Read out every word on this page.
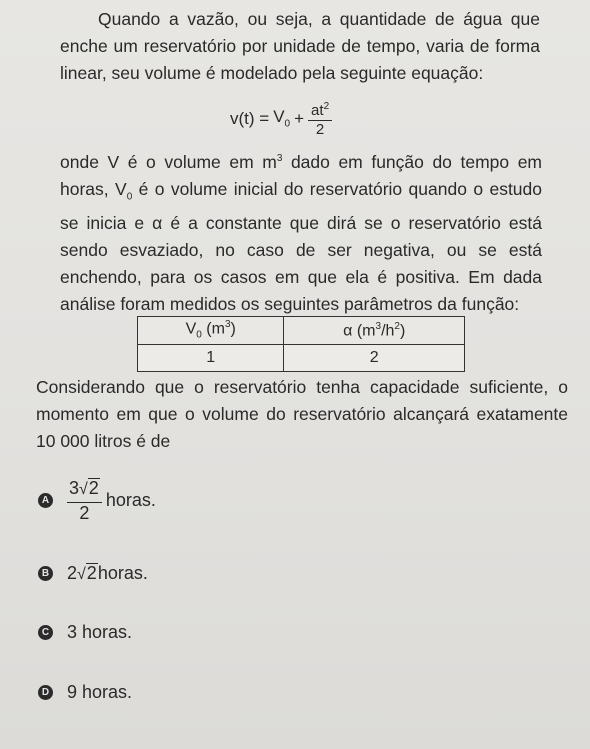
Quando a vazão, ou seja, a quantidade de água que enche um reservatório por unidade de tempo, varia de forma linear, seu volume é modelado pela seguinte equação:
$v(t) = V_0 + \frac{at^2}{2}$
onde V é o volume em $m^3$ dado em função do tempo em horas, $V_0$ é o volume inicial do reservatório quando o estudo se inicia e α é a constante que dirá se o reservatório está sendo esvaziado, no caso de ser negativa, ou se está enchendo, para os casos em que ela é positiva. Em dada análise foram medidos os seguintes parâmetros da função:
$V_0$ $(m^3)$	α $(m^3/h^2)$
1	2
Considerando que o reservatório tenha capacidade suficiente, o momento em que o volume do reservatório alcançará exatamente 10 000 litros é de
A
3√2
2
horas.
B 2√2 horas.
C 3 horas.
D 9 horas.
